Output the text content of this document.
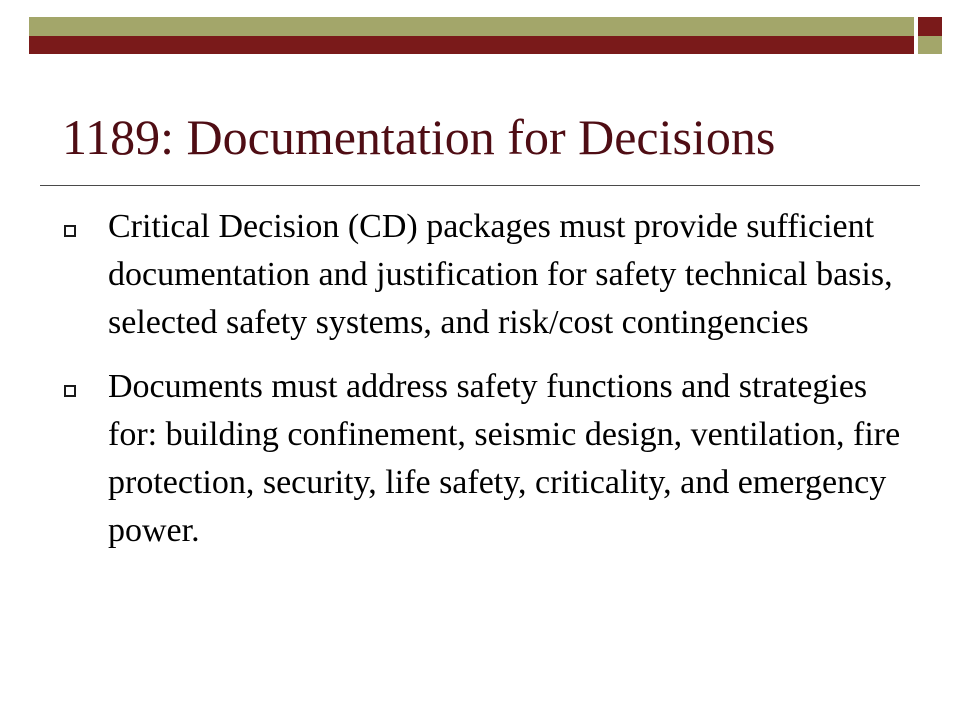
1189: Documentation for Decisions
Critical Decision (CD) packages must provide sufficient documentation and justification for safety technical basis, selected safety systems, and risk/cost contingencies
Documents must address safety functions and strategies for: building confinement, seismic design, ventilation, fire protection, security, life safety, criticality, and emergency power.
